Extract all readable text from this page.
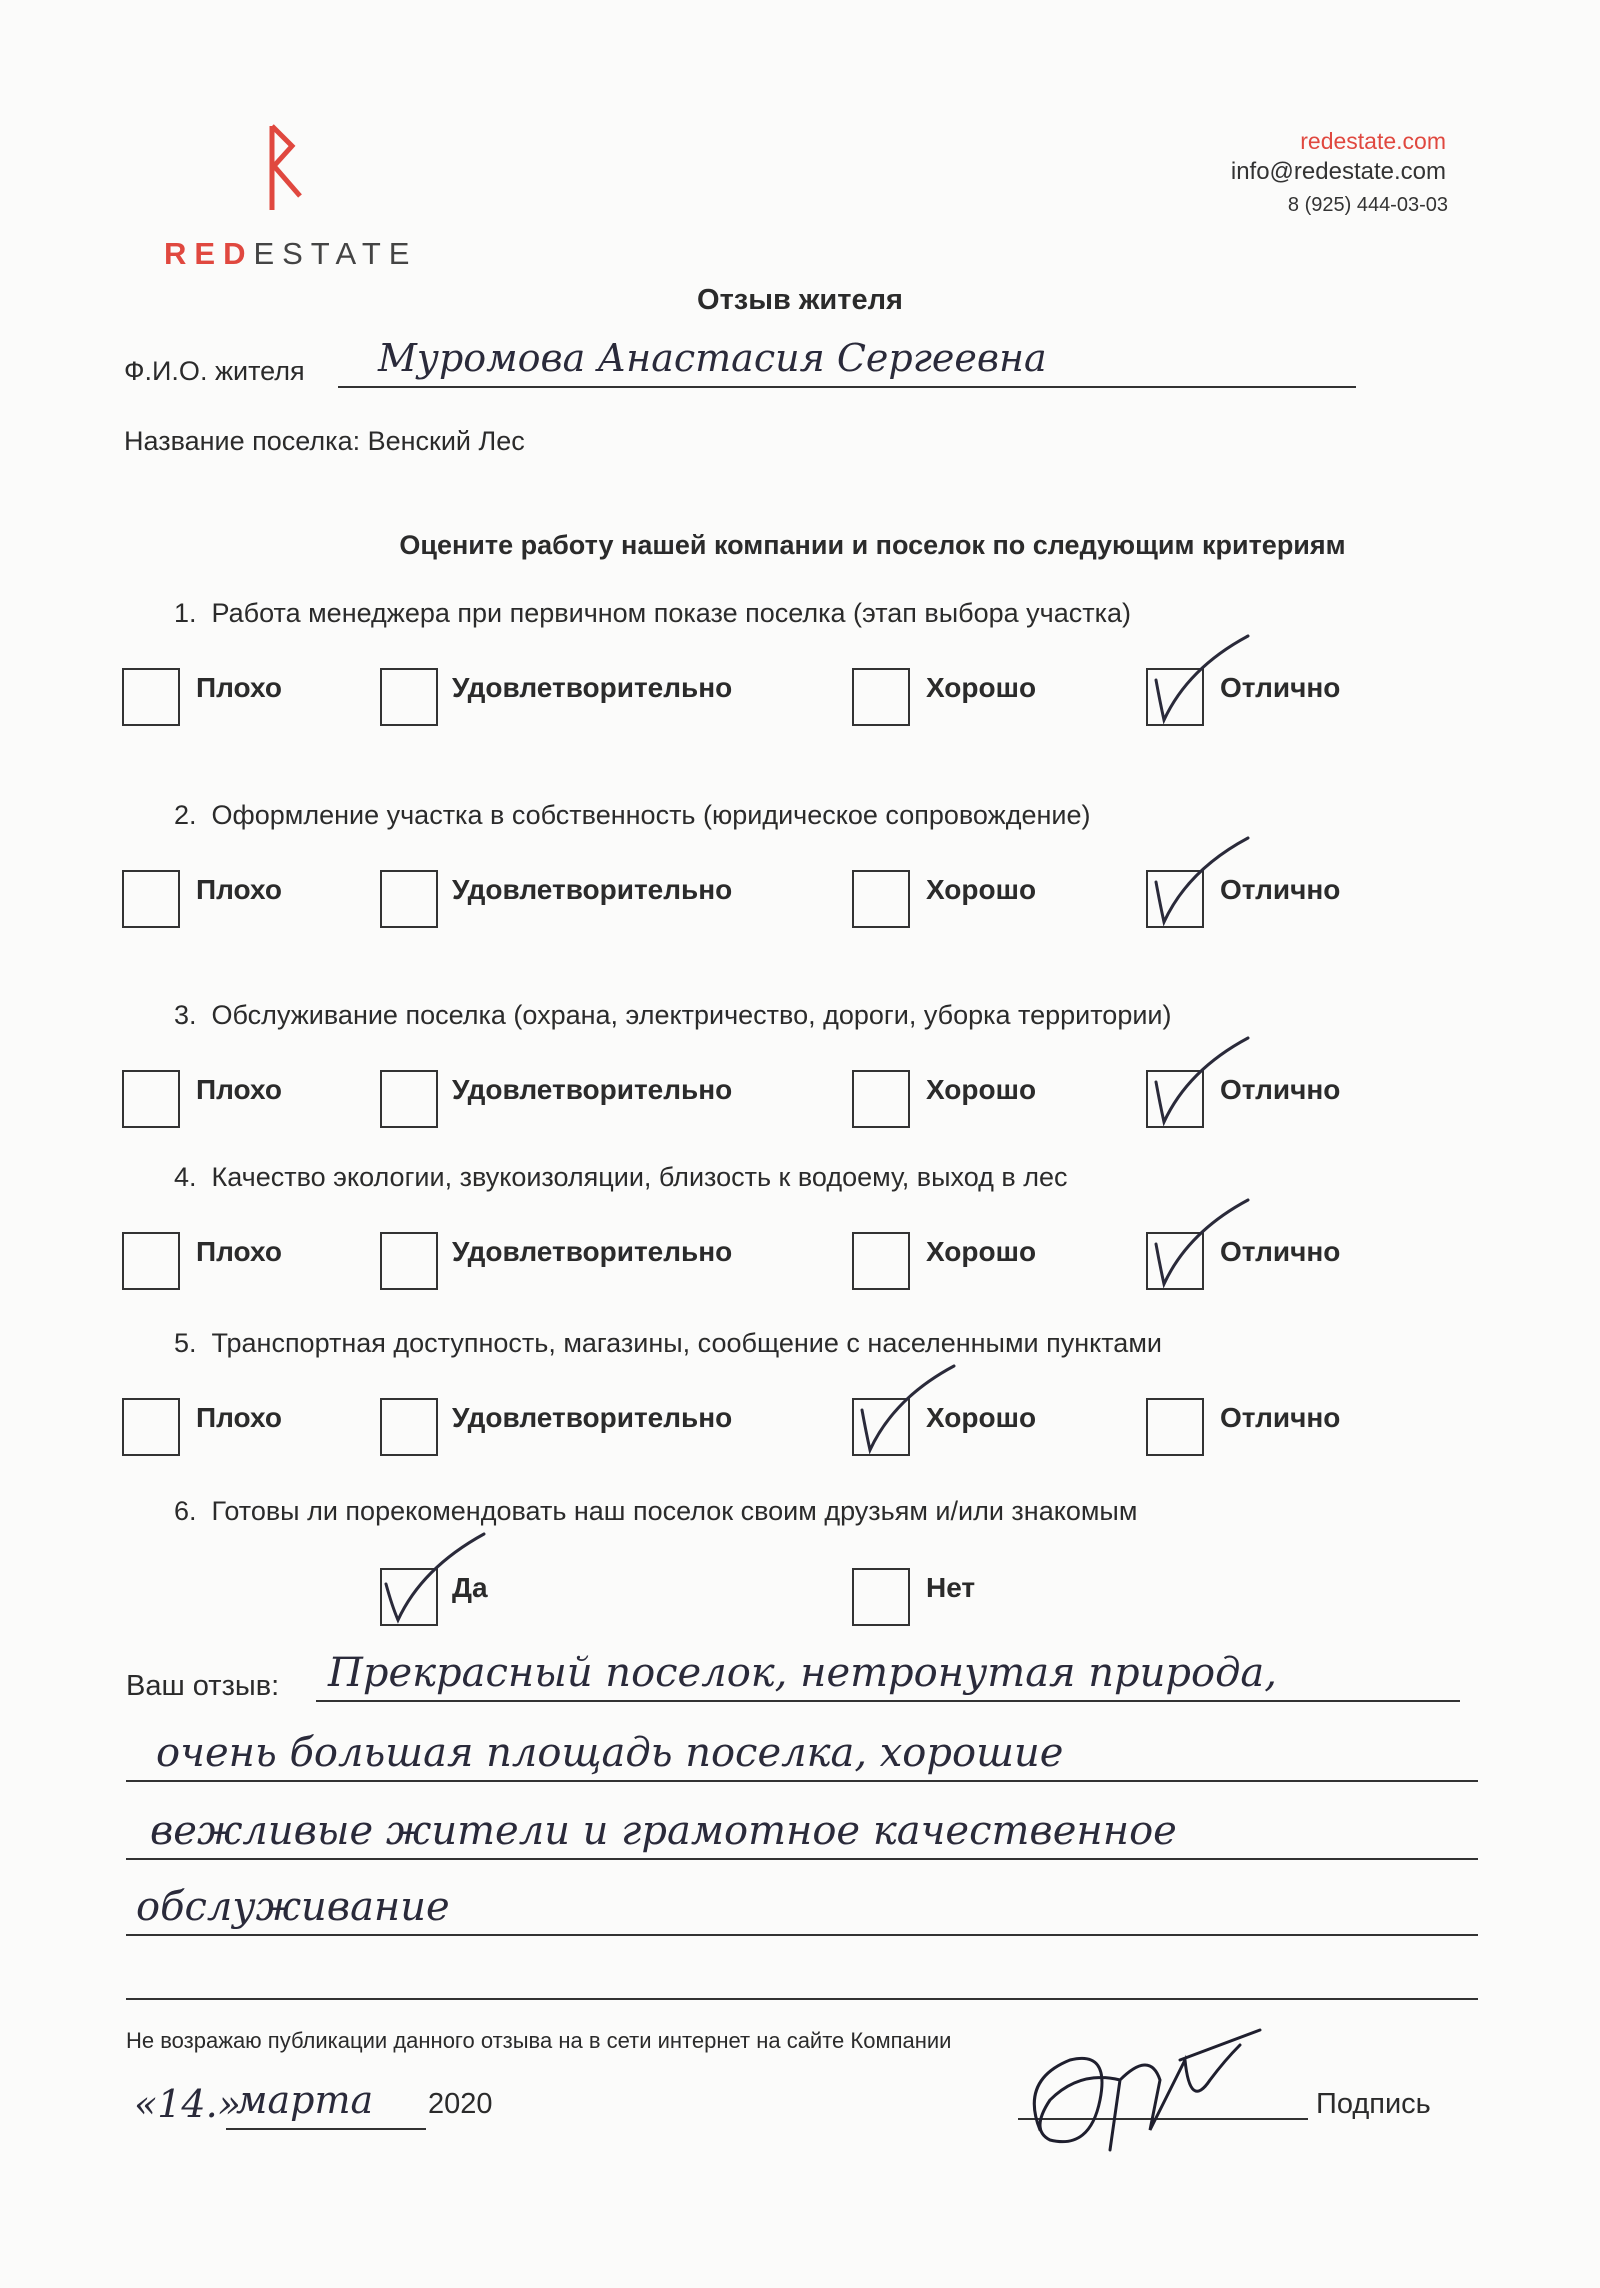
REDESTATE
redestate.com
info@redestate.com
8 (925) 444-03-03
Отзыв жителя
Ф.И.О. жителя Муромова Анастасия Сергеевна
Название поселка: Венский Лес
Оцените работу нашей компании и поселок по следующим критериям
1.  Работа менеджера при первичном показе поселка (этап выбора участка)
Плохо	Удовлетворительно	Хорошо	Отлично
2.  Оформление участка в собственность (юридическое сопровождение)
Плохо	Удовлетворительно	Хорошо	Отлично
3.  Обслуживание поселка (охрана, электричество, дороги, уборка территории)
Плохо	Удовлетворительно	Хорошо	Отлично
4.  Качество экологии, звукоизоляции, близость к водоему, выход в лес
Плохо	Удовлетворительно	Хорошо	Отлично
5.  Транспортная доступность, магазины, сообщение с населенными пунктами
Плохо	Удовлетворительно	Хорошо	Отлично
6.  Готовы ли порекомендовать наш поселок своим друзьям и/или знакомым
Да	Нет
Ваш отзыв: Прекрасный поселок, нетронутая природа,
очень большая площадь поселка, хорошие
вежливые жители и грамотное качественное
обслуживание
Не возражаю публикации данного отзыва на в сети интернет на сайте Компании
«14.»
марта 2020	Подпись
